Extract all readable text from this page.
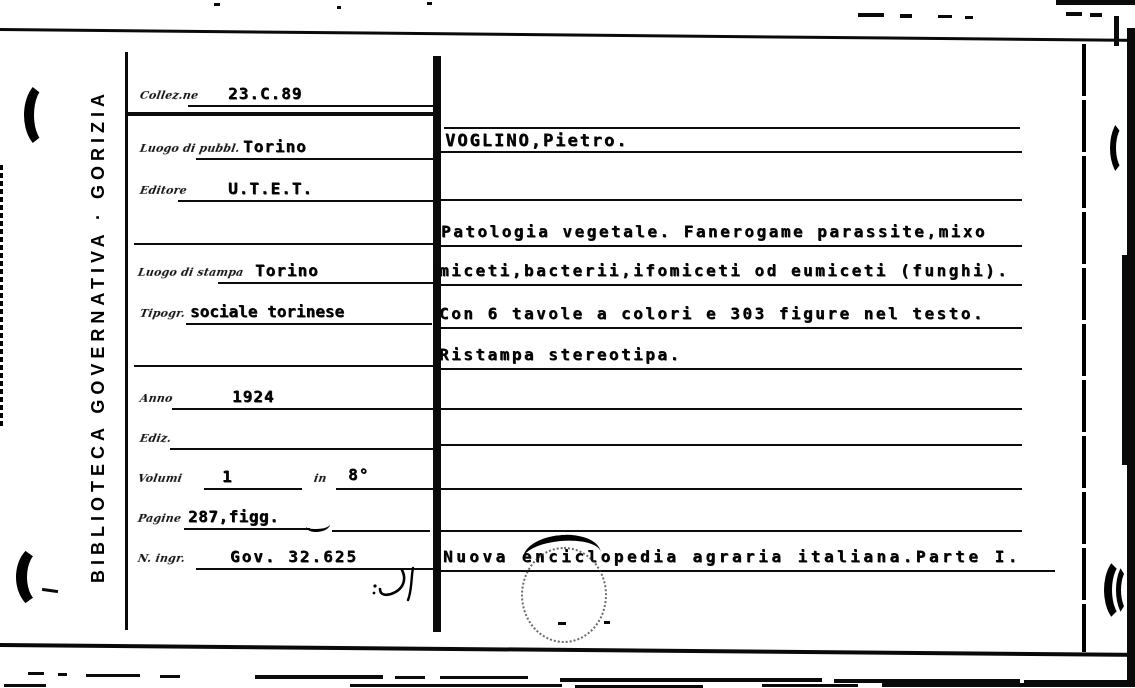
BIBLIOTECA GOVERNATIVA · GORIZIA	Collez.ne 23.C.89
Luogo di pubbl. Torino
Editore U.T.E.T.
Luogo di stampa Torino
Tipogr. sociale torinese
Anno	1924
Ediz.
Volumi 1	in 8°
Pagine 287,figg.
N. ingr.	Gov. 32.625
VOGLINO,Pietro.
Patologia vegetale. Fanerogame parassite,mixo
miceti,bacterii,ifomiceti od eumiceti (funghi).
Con 6 tavole a colori e 303 figure nel testo.
Ristampa stereotipa.
Nuova enciclopedia agraria italiana.Parte I.
